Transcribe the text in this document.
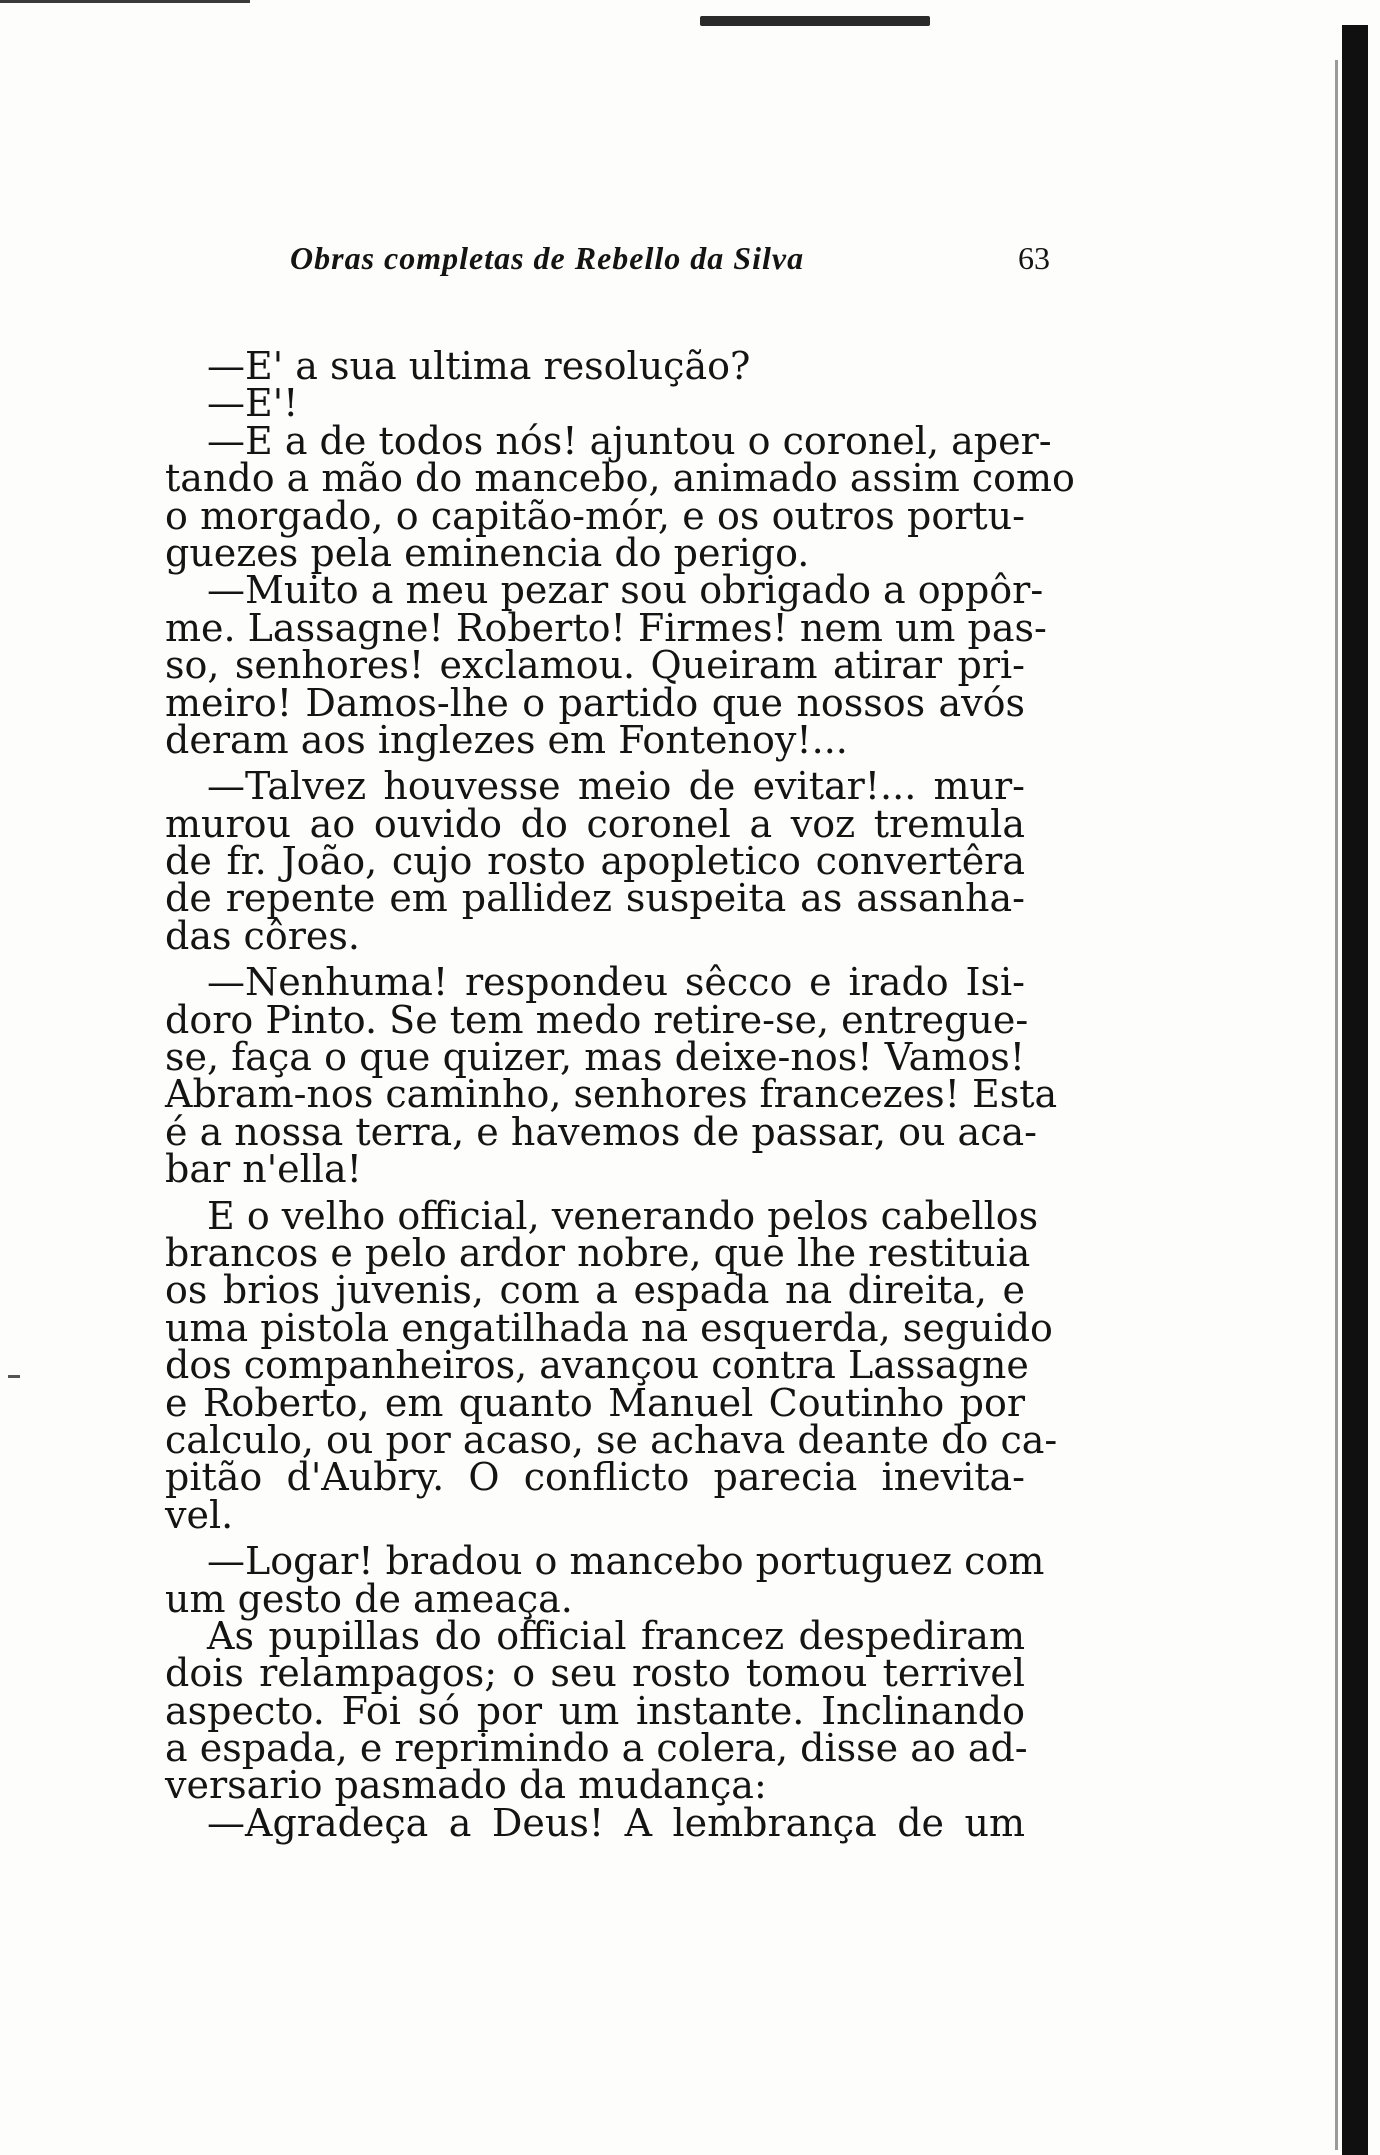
Obras completas de Rebello da Silva	63
—E' a sua ultima resolução?
—E'!
—E a de todos nós! ajuntou o coronel, aper-
tando a mão do mancebo, animado assim como
o morgado, o capitão-mór, e os outros portu-
guezes pela eminencia do perigo.
—Muito a meu pezar sou obrigado a oppôr-
me. Lassagne! Roberto! Firmes! nem um pas-
so, senhores! exclamou. Queiram atirar pri-
meiro! Damos-lhe o partido que nossos avós
deram aos inglezes em Fontenoy!...
—Talvez houvesse meio de evitar!... mur-
murou ao ouvido do coronel a voz tremula
de fr. João, cujo rosto apopletico convertêra
de repente em pallidez suspeita as assanha-
das côres.
—Nenhuma! respondeu sêcco e irado Isi-
doro Pinto. Se tem medo retire-se, entregue-
se, faça o que quizer, mas deixe-nos! Vamos!
Abram-nos caminho, senhores francezes! Esta
é a nossa terra, e havemos de passar, ou aca-
bar n'ella!
E o velho official, venerando pelos cabellos
brancos e pelo ardor nobre, que lhe restituia
os brios juvenis, com a espada na direita, e
uma pistola engatilhada na esquerda, seguido
dos companheiros, avançou contra Lassagne
e Roberto, em quanto Manuel Coutinho por
calculo, ou por acaso, se achava deante do ca-
pitão d'Aubry. O conflicto parecia inevita-
vel.
—Logar! bradou o mancebo portuguez com
um gesto de ameaça.
As pupillas do official francez despediram
dois relampagos; o seu rosto tomou terrivel
aspecto. Foi só por um instante. Inclinando
a espada, e reprimindo a colera, disse ao ad-
versario pasmado da mudança:
—Agradeça a Deus! A lembrança de um
